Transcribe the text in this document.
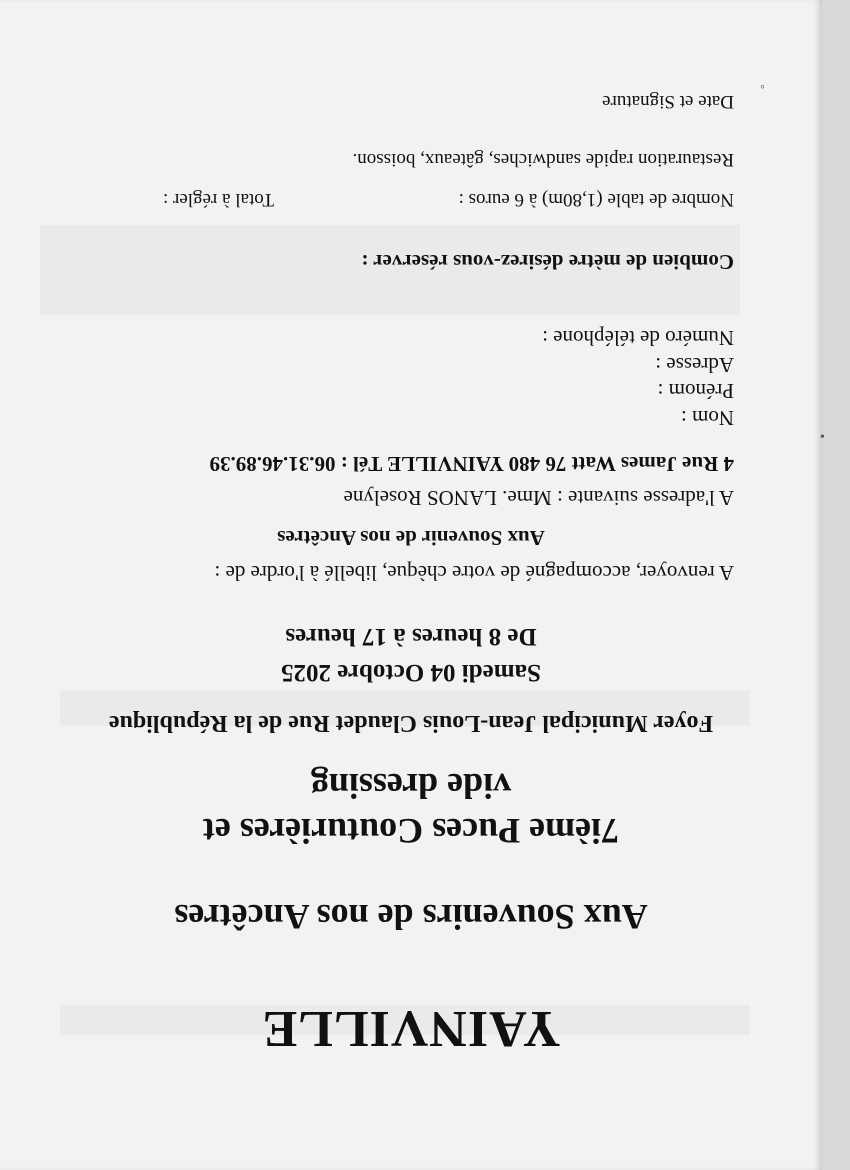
YAINVILLE
Aux Souvenirs de nos Ancêtres
7ième Puces Couturières et
vide dressing
Foyer Municipal Jean-Louis Claudet Rue de la République
Samedi 04 Octobre 2025
De 8 heures à 17 heures
A renvoyer, accompagné de votre chèque, libellé à l'ordre de :
Aux Souvenir de nos Ancêtres
A l'adresse suivante : Mme. LANOS Roselyne
4 Rue James Watt 76 480 YAINVILLE Tél : 06.31.46.89.39
Nom :
Prénom :
Adresse :
Numéro de téléphone :
Combien de mètre désirez-vous réserver :
Nombre de table (1,80m) à 6 euros :
Total à régler :
Restauration rapide sandwiches, gâteaux, boisson.
Date et Signature
◦
•
